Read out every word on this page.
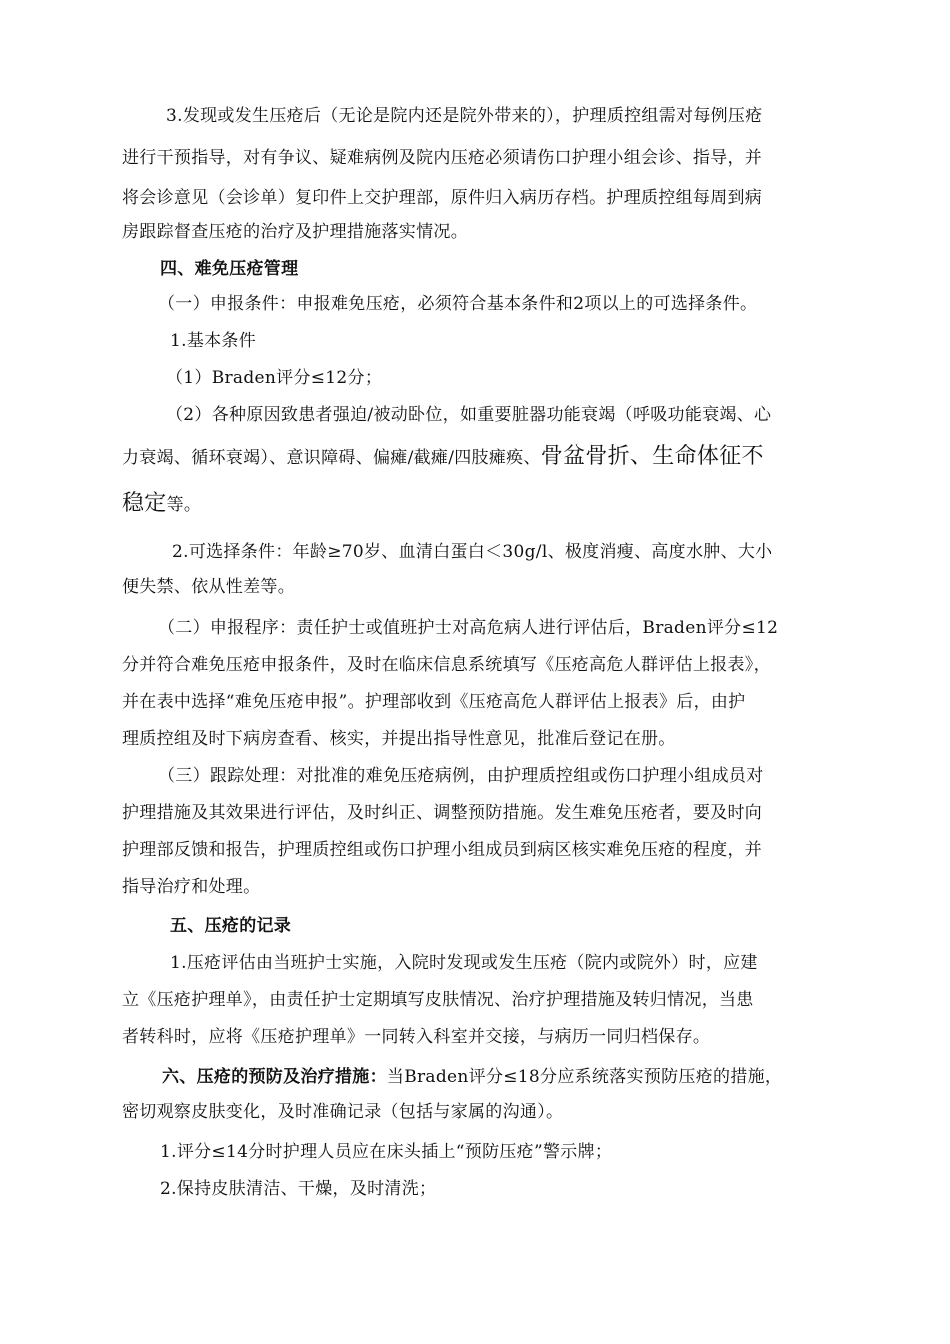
3.发现或发生压疮后（无论是院内还是院外带来的），护理质控组需对每例压疮
进行干预指导，对有争议、疑难病例及院内压疮必须请伤口护理小组会诊、指导，并
将会诊意见（会诊单）复印件上交护理部，原件归入病历存档。护理质控组每周到病
房跟踪督查压疮的治疗及护理措施落实情况。
四、难免压疮管理
（一）申报条件：申报难免压疮，必须符合基本条件和2项以上的可选择条件。
1.基本条件
（1）Braden评分≤12分；
（2）各种原因致患者强迫/被动卧位，如重要脏器功能衰竭（呼吸功能衰竭、心
力衰竭、循环衰竭）、意识障碍、偏瘫/截瘫/四肢瘫痪、骨盆骨折、生命体征不
稳定等。
2.可选择条件：年龄≥70岁、血清白蛋白＜30g/l、极度消瘦、高度水肿、大小
便失禁、依从性差等。
（二）申报程序：责任护士或值班护士对高危病人进行评估后，Braden评分≤12
分并符合难免压疮申报条件，及时在临床信息系统填写《压疮高危人群评估上报表》，
并在表中选择“难免压疮申报”。护理部收到《压疮高危人群评估上报表》后，由护
理质控组及时下病房查看、核实，并提出指导性意见，批准后登记在册。
（三）跟踪处理：对批准的难免压疮病例，由护理质控组或伤口护理小组成员对
护理措施及其效果进行评估，及时纠正、调整预防措施。发生难免压疮者，要及时向
护理部反馈和报告，护理质控组或伤口护理小组成员到病区核实难免压疮的程度，并
指导治疗和处理。
五、压疮的记录
1.压疮评估由当班护士实施，入院时发现或发生压疮（院内或院外）时，应建
立《压疮护理单》，由责任护士定期填写皮肤情况、治疗护理措施及转归情况，当患
者转科时，应将《压疮护理单》一同转入科室并交接，与病历一同归档保存。
六、压疮的预防及治疗措施：当Braden评分≤18分应系统落实预防压疮的措施，
密切观察皮肤变化，及时准确记录（包括与家属的沟通）。
1.评分≤14分时护理人员应在床头插上“预防压疮”警示牌；
2.保持皮肤清洁、干燥，及时清洗；
